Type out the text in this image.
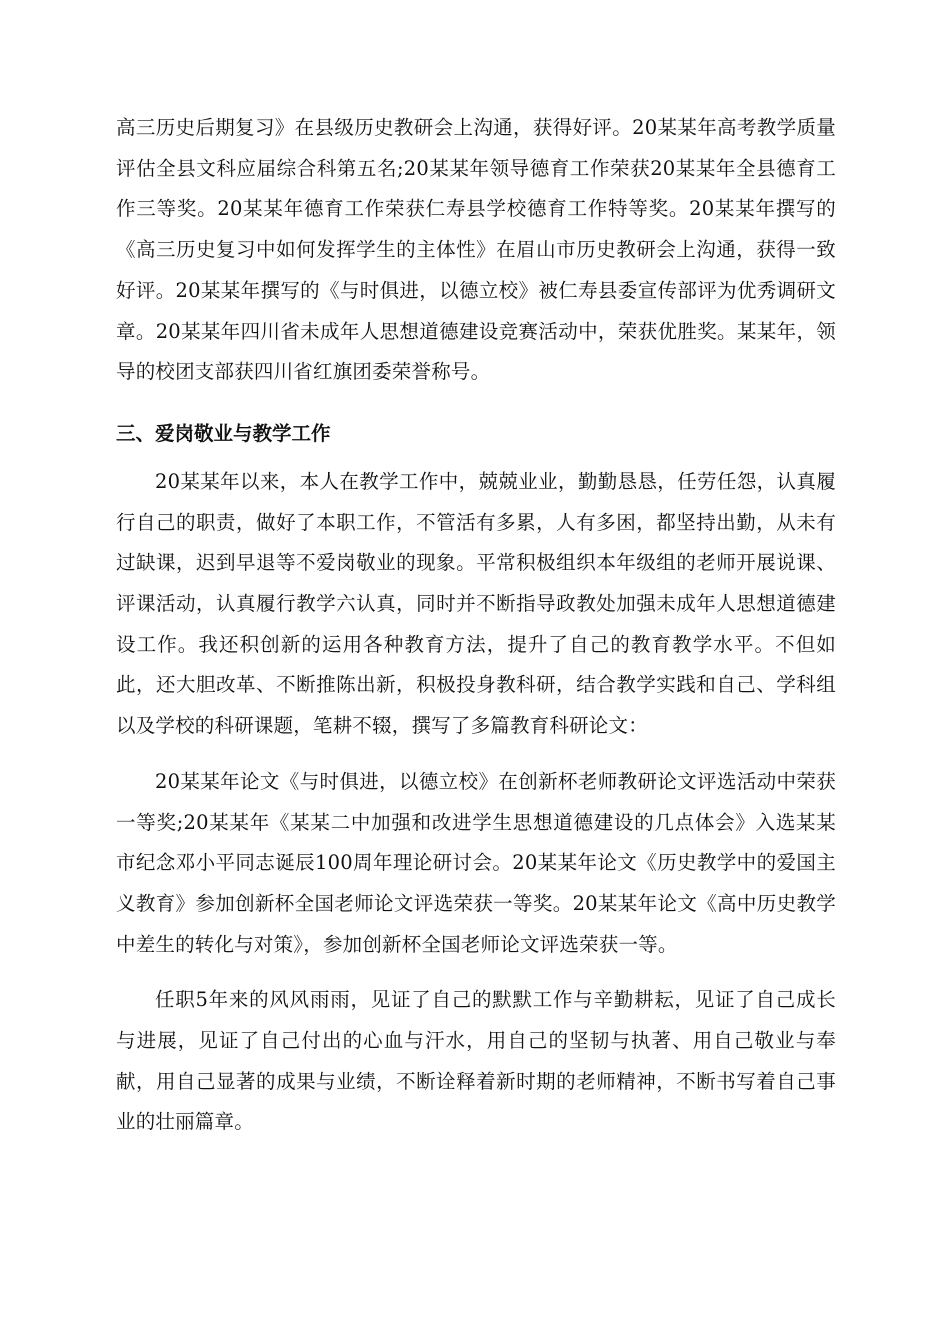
高三历史后期复习》在县级历史教研会上沟通，获得好评。20某某年高考教学质量评估全县文科应届综合科第五名;20某某年领导德育工作荣获20某某年全县德育工作三等奖。20某某年德育工作荣获仁寿县学校德育工作特等奖。20某某年撰写的《高三历史复习中如何发挥学生的主体性》在眉山市历史教研会上沟通，获得一致好评。20某某年撰写的《与时俱进，以德立校》被仁寿县委宣传部评为优秀调研文章。20某某年四川省未成年人思想道德建设竞赛活动中，荣获优胜奖。某某年，领导的校团支部获四川省红旗团委荣誉称号。

三、爱岗敬业与教学工作

20某某年以来，本人在教学工作中，兢兢业业，勤勤恳恳，任劳任怨，认真履行自己的职责，做好了本职工作，不管活有多累，人有多困，都坚持出勤，从未有过缺课，迟到早退等不爱岗敬业的现象。平常积极组织本年级组的老师开展说课、评课活动，认真履行教学六认真，同时并不断指导政教处加强未成年人思想道德建设工作。我还积创新的运用各种教育方法，提升了自己的教育教学水平。不但如此，还大胆改革、不断推陈出新，积极投身教科研，结合教学实践和自己、学科组以及学校的科研课题，笔耕不辍，撰写了多篇教育科研论文：

20某某年论文《与时俱进，以德立校》在创新杯老师教研论文评选活动中荣获一等奖;20某某年《某某二中加强和改进学生思想道德建设的几点体会》入选某某市纪念邓小平同志诞辰100周年理论研讨会。20某某年论文《历史教学中的爱国主义教育》参加创新杯全国老师论文评选荣获一等奖。20某某年论文《高中历史教学中差生的转化与对策》，参加创新杯全国老师论文评选荣获一等。

任职5年来的风风雨雨，见证了自己的默默工作与辛勤耕耘，见证了自己成长与进展，见证了自己付出的心血与汗水，用自己的坚韧与执著、用自己敬业与奉献，用自己显著的成果与业绩，不断诠释着新时期的老师精神，不断书写着自己事业的壮丽篇章。
